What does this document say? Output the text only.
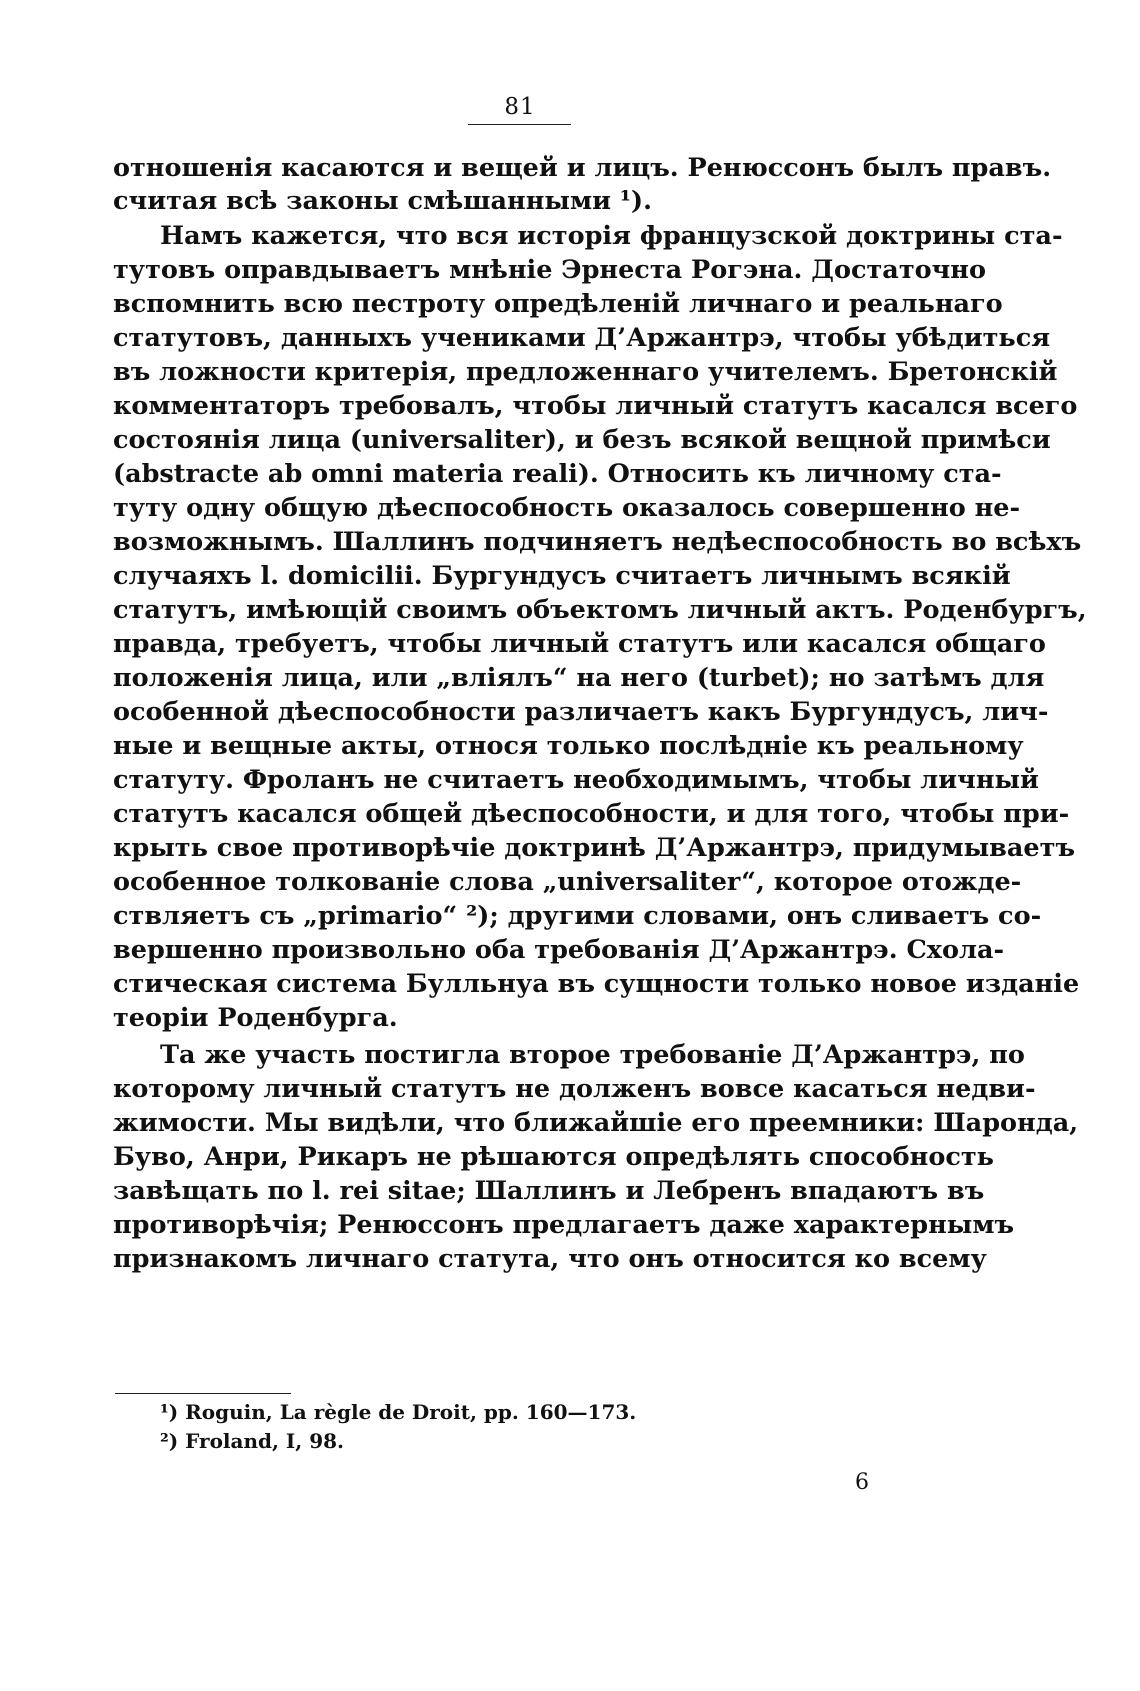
81
отношенія касаются и вещей и лицъ. Ренюссонъ былъ правъ.
считая всѣ законы смѣшанными ¹).
Намъ кажется, что вся исторія французской доктрины ста-
тутовъ оправдываетъ мнѣніе Эрнеста Рогэна. Достаточно
вспомнить всю пестроту опредѣленій личнаго и реальнаго
статутовъ, данныхъ учениками Д’Аржантрэ, чтобы убѣдиться
въ ложности критерія, предложеннаго учителемъ. Бретонскій
комментаторъ требовалъ, чтобы личный статутъ касался всего
состоянія лица (universaliter), и безъ всякой вещной примѣси
(abstracte ab omni materia reali). Относить къ личному ста-
туту одну общую дѣеспособность оказалось совершенно не-
возможнымъ. Шаллинъ подчиняетъ недѣеспособность во всѣхъ
случаяхъ l. domicilii. Бургундусъ считаетъ личнымъ всякій
статутъ, имѣющій своимъ объектомъ личный актъ. Роденбургъ,
правда, требуетъ, чтобы личный статутъ или касался общаго
положенія лица, или „вліялъ“ на него (turbet); но затѣмъ для
особенной дѣеспособности различаетъ какъ Бургундусъ, лич-
ные и вещные акты, относя только послѣдніе къ реальному
статуту. Фроланъ не считаетъ необходимымъ, чтобы личный
статутъ касался общей дѣеспособности, и для того, чтобы при-
крыть свое противорѣчіе доктринѣ Д’Аржантрэ, придумываетъ
особенное толкованіе слова „universaliter“, которое отожде-
ствляетъ съ „primario“ ²); другими словами, онъ сливаетъ со-
вершенно произвольно оба требованія Д’Аржантрэ. Схола-
стическая система Булльнуа въ сущности только новое изданіе
теоріи Роденбурга.
Та же участь постигла второе требованіе Д’Аржантрэ, по
которому личный статутъ не долженъ вовсе касаться недви-
жимости. Мы видѣли, что ближайшіе его преемники: Шаронда,
Буво, Анри, Рикаръ не рѣшаются опредѣлять способность
завѣщать по l. rei sitae; Шаллинъ и Лебренъ впадаютъ въ
противорѣчія; Ренюссонъ предлагаетъ даже характернымъ
признакомъ личнаго статута, что онъ относится ко всему
¹) Roguin, La règle de Droit, pp. 160—173.
²) Froland, I, 98.
6
